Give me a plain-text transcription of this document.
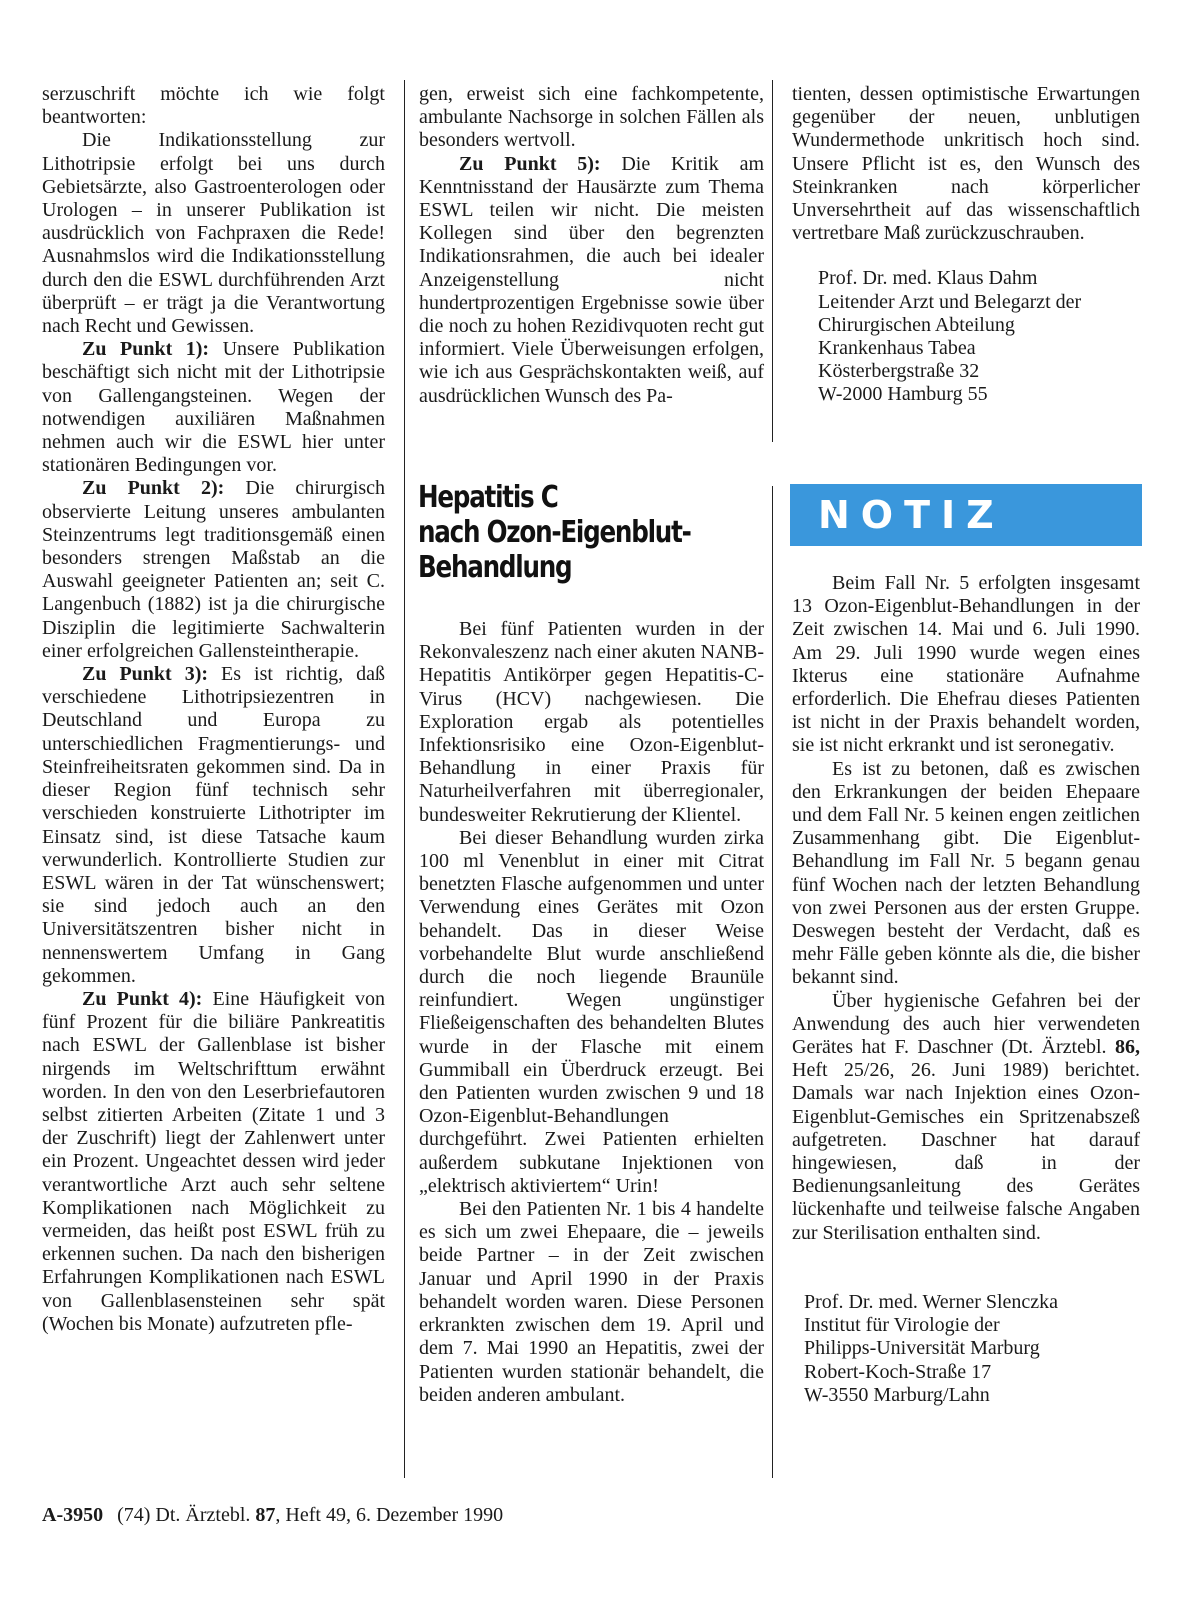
serzuschrift möchte ich wie folgt beantworten:

Die Indikationsstellung zur Lithotripsie erfolgt bei uns durch Gebietsärzte, also Gastroenterologen oder Urologen – in unserer Publikation ist ausdrücklich von Fachpraxen die Rede! Ausnahmslos wird die Indikationsstellung durch den die ESWL durchführenden Arzt überprüft – er trägt ja die Verantwortung nach Recht und Gewissen.

Zu Punkt 1): Unsere Publikation beschäftigt sich nicht mit der Lithotripsie von Gallengangsteinen. Wegen der notwendigen auxiliären Maßnahmen nehmen auch wir die ESWL hier unter stationären Bedingungen vor.

Zu Punkt 2): Die chirurgisch observierte Leitung unseres ambulanten Steinzentrums legt traditionsgemäß einen besonders strengen Maßstab an die Auswahl geeigneter Patienten an; seit C. Langenbuch (1882) ist ja die chirurgische Disziplin die legitimierte Sachwalterin einer erfolgreichen Gallensteintherapie.

Zu Punkt 3): Es ist richtig, daß verschiedene Lithotripsiezentren in Deutschland und Europa zu unterschiedlichen Fragmentierungs- und Steinfreiheitsraten gekommen sind. Da in dieser Region fünf technisch sehr verschieden konstruierte Lithotripter im Einsatz sind, ist diese Tatsache kaum verwunderlich. Kontrollierte Studien zur ESWL wären in der Tat wünschenswert; sie sind jedoch auch an den Universitätszentren bisher nicht in nennenswertem Umfang in Gang gekommen.

Zu Punkt 4): Eine Häufigkeit von fünf Prozent für die biliäre Pankreatitis nach ESWL der Gallenblase ist bisher nirgends im Weltschrifttum erwähnt worden. In den von den Leserbriefautoren selbst zitierten Arbeiten (Zitate 1 und 3 der Zuschrift) liegt der Zahlenwert unter ein Prozent. Ungeachtet dessen wird jeder verantwortliche Arzt auch sehr seltene Komplikationen nach Möglichkeit zu vermeiden, das heißt post ESWL früh zu erkennen suchen. Da nach den bisherigen Erfahrungen Komplikationen nach ESWL von Gallenblasensteinen sehr spät (Wochen bis Monate) aufzutreten pfle-

gen, erweist sich eine fachkompetente, ambulante Nachsorge in solchen Fällen als besonders wertvoll.

Zu Punkt 5): Die Kritik am Kenntnisstand der Hausärzte zum Thema ESWL teilen wir nicht. Die meisten Kollegen sind über den begrenzten Indikationsrahmen, die auch bei idealer Anzeigenstellung nicht hundertprozentigen Ergebnisse sowie über die noch zu hohen Rezidivquoten recht gut informiert. Viele Überweisungen erfolgen, wie ich aus Gesprächskontakten weiß, auf ausdrücklichen Wunsch des Pa-

Hepatitis C
nach Ozon-Eigenblut-
Behandlung

Bei fünf Patienten wurden in der Rekonvaleszenz nach einer akuten NANB-Hepatitis Antikörper gegen Hepatitis-C-Virus (HCV) nachgewiesen. Die Exploration ergab als potentielles Infektionsrisiko eine Ozon-Eigenblut-Behandlung in einer Praxis für Naturheilverfahren mit überregionaler, bundesweiter Rekrutierung der Klientel.

Bei dieser Behandlung wurden zirka 100 ml Venenblut in einer mit Citrat benetzten Flasche aufgenommen und unter Verwendung eines Gerätes mit Ozon behandelt. Das in dieser Weise vorbehandelte Blut wurde anschließend durch die noch liegende Braunüle reinfundiert. Wegen ungünstiger Fließeigenschaften des behandelten Blutes wurde in der Flasche mit einem Gummiball ein Überdruck erzeugt. Bei den Patienten wurden zwischen 9 und 18 Ozon-Eigenblut-Behandlungen durchgeführt. Zwei Patienten erhielten außerdem subkutane Injektionen von „elektrisch aktiviertem“ Urin!

Bei den Patienten Nr. 1 bis 4 handelte es sich um zwei Ehepaare, die – jeweils beide Partner – in der Zeit zwischen Januar und April 1990 in der Praxis behandelt worden waren. Diese Personen erkrankten zwischen dem 19. April und dem 7. Mai 1990 an Hepatitis, zwei der Patienten wurden stationär behandelt, die beiden anderen ambulant.

tienten, dessen optimistische Erwartungen gegenüber der neuen, unblutigen Wundermethode unkritisch hoch sind. Unsere Pflicht ist es, den Wunsch des Steinkranken nach körperlicher Unversehrtheit auf das wissenschaftlich vertretbare Maß zurückzuschrauben.

Prof. Dr. med. Klaus Dahm
Leitender Arzt und Belegarzt der
Chirurgischen Abteilung
Krankenhaus Tabea
Kösterbergstraße 32
W-2000 Hamburg 55

NOTIZ

Beim Fall Nr. 5 erfolgten insgesamt 13 Ozon-Eigenblut-Behandlungen in der Zeit zwischen 14. Mai und 6. Juli 1990. Am 29. Juli 1990 wurde wegen eines Ikterus eine stationäre Aufnahme erforderlich. Die Ehefrau dieses Patienten ist nicht in der Praxis behandelt worden, sie ist nicht erkrankt und ist seronegativ.

Es ist zu betonen, daß es zwischen den Erkrankungen der beiden Ehepaare und dem Fall Nr. 5 keinen engen zeitlichen Zusammenhang gibt. Die Eigenblut-Behandlung im Fall Nr. 5 begann genau fünf Wochen nach der letzten Behandlung von zwei Personen aus der ersten Gruppe. Deswegen besteht der Verdacht, daß es mehr Fälle geben könnte als die, die bisher bekannt sind.

Über hygienische Gefahren bei der Anwendung des auch hier verwendeten Gerätes hat F. Daschner (Dt. Ärztebl. 86, Heft 25/26, 26. Juni 1989) berichtet. Damals war nach Injektion eines Ozon-Eigenblut-Gemisches ein Spritzenabszeß aufgetreten. Daschner hat darauf hingewiesen, daß in der Bedienungsanleitung des Gerätes lückenhafte und teilweise falsche Angaben zur Sterilisation enthalten sind.

Prof. Dr. med. Werner Slenczka
Institut für Virologie der
Philipps-Universität Marburg
Robert-Koch-Straße 17
W-3550 Marburg/Lahn

A-3950 (74) Dt. Ärztebl. 87, Heft 49, 6. Dezember 1990
